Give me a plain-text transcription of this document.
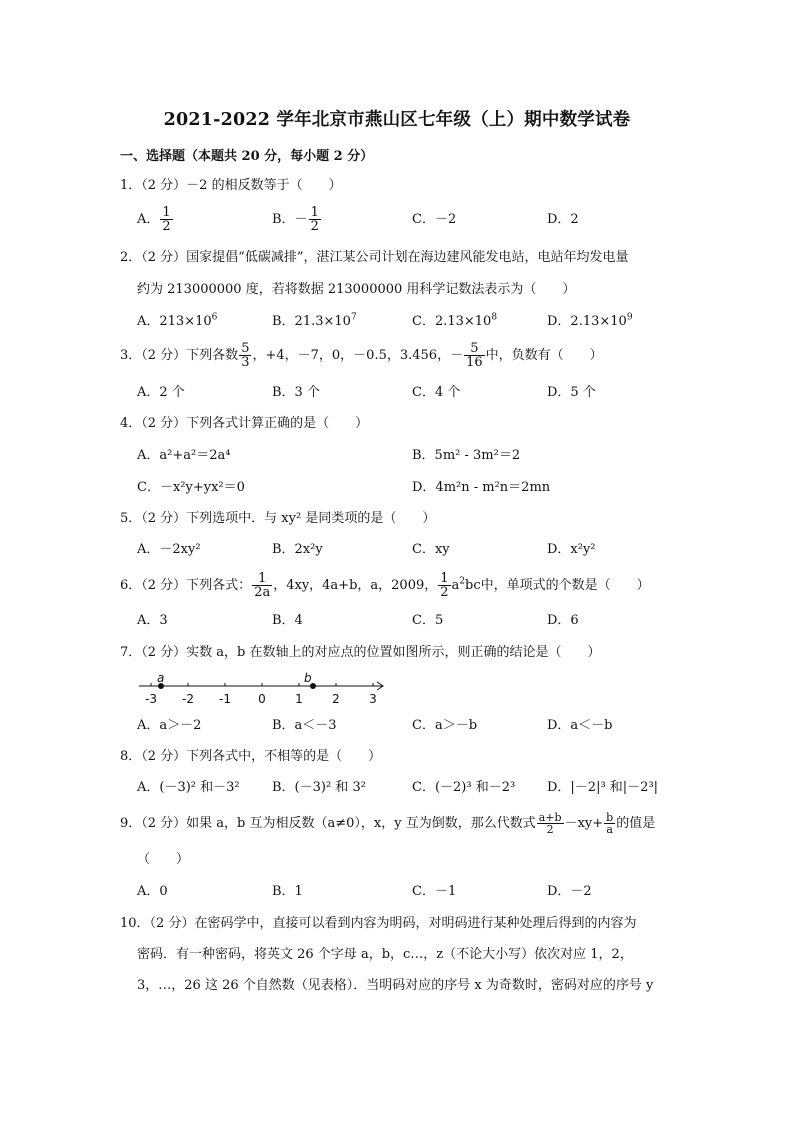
2021-2022 学年北京市燕山区七年级（上）期中数学试卷
一、选择题（本题共 20 分，每小题 2 分）
1．（2 分）－2 的相反数等于（　　）
A． $\frac{1}{2}$	B．－ $\frac{1}{2}$	C．－2	D．2
2．（2 分）国家提倡“低碳减排”，湛江某公司计划在海边建风能发电站，电站年均发电量
约为 213000000 度，若将数据 213000000 用科学记数法表示为（　　）
A．$213\times 10^6$	B．$21.3\times 10^7$	C．$2.13\times 10^8$	D．$2.13\times 10^9$
3．（2 分）下列各数 $\frac{5}{3}$ ，+4，－7，0，－0.5，3.456，－ $\frac{5}{16}$ 中，负数有（　　）
A．2 个	B．3 个	C．4 个	D．5 个
4．（2 分）下列各式计算正确的是（　　）
A．a²+a²＝2a⁴	B．5m² - 3m²＝2
C．－x²y+yx²＝0	D．4m²n - m²n＝2mn
5．（2 分）下列选项中．与 xy² 是同类项的是（　　）
A．－2xy²	B．2x²y	C．xy	D．x²y²
6．（2 分）下列各式： $\frac{1}{2a}$ ，4xy，4a+b，a，2009， $\frac{1}{2} a^2bc$中，单项式的个数是（　　）
A．3	B．4	C．5	D．6
7．（2 分）实数 a，b 在数轴上的对应点的位置如图所示，则正确的结论是（　　）
-3 -2 -1 0 1 2 3
a	b
A．a＞－2	B．a＜－3	C．a＞－b	D．a＜－b
8．（2 分）下列各式中，不相等的是（　　）
A．(－3)² 和－3² B．(－3)² 和 3²	C．(－2)³ 和－2³ D．|－2|³ 和|－2³|
9．（2 分）如果 a，b 互为相反数（a≠0），x，y 互为倒数，那么代数式 $\frac{a+b}{2} -xy+ \frac{b}{a}$ 的值是
（　　）
A．0	B．1	C．－1	D．－2
10．（2 分）在密码学中，直接可以看到内容为明码，对明码进行某种处理后得到的内容为
密码．有一种密码，将英文 26 个字母 a，b，c…，z（不论大小写）依次对应 1，2，
3，…，26 这 26 个自然数（见表格）．当明码对应的序号 x 为奇数时，密码对应的序号 y
